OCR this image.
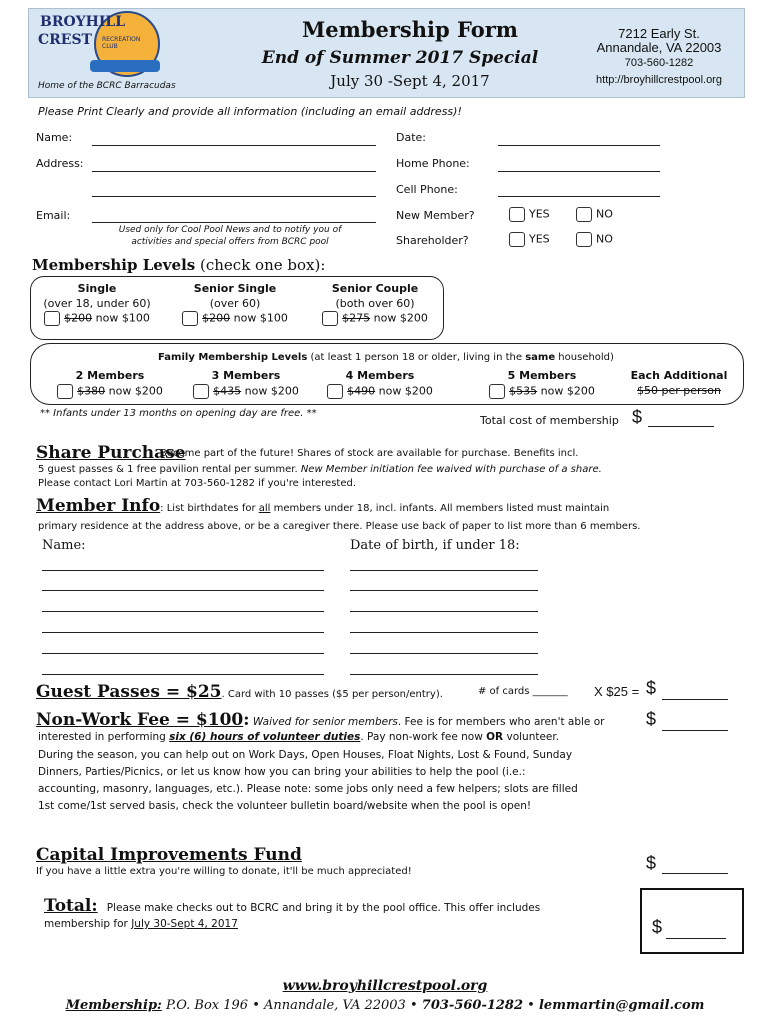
BROYHILL
CREST RECREATION CLUB
Home of the BCRC Barracudas
Membership Form
End of Summer 2017 Special
July 30 -Sept 4, 2017
7212 Early St.
Annandale, VA 22003
703-560-1282
http://broyhillcrestpool.org
Please Print Clearly and provide all information (including an email address)!
Name:
Address:
Email:
Used only for Cool Pool News and to notify you of
activities and special offers from BCRC pool
Date:
Home Phone:
Cell Phone:
New Member?	YES	NO
Shareholder?	YES	NO
Membership Levels (check one box):
Single
(over 18, under 60)
$200 now $100
Senior Single
(over 60)
$200 now $100
Senior Couple
(both over 60)
$275 now $200
Family Membership Levels (at least 1 person 18 or older, living in the same household)
2 Members
$380 now $200
3 Members
$435 now $200
4 Members
$490 now $200
5 Members
$535 now $200
Each Additional
$50 per person
** Infants under 13 months on opening day are free. **
Total cost of membership $
Share Purchase
Become part of the future! Shares of stock are available for purchase. Benefits incl.
5 guest passes & 1 free pavilion rental per summer. New Member initiation fee waived with purchase of a share.
Please contact Lori Martin at 703-560-1282 if you're interested.
Member Info: List birthdates for all members under 18, incl. infants. All members listed must maintain
primary residence at the address above, or be a caregiver there. Please use back of paper to list more than 6 members.
Name:	Date of birth, if under 18:
Guest Passes = $25. Card with 10 passes ($5 per person/entry).	# of cards _______ X $25 = $
Non-Work Fee = $100: Waived for senior members. Fee is for members who aren't able or
interested in performing six (6) hours of volunteer duties. Pay non-work fee now OR volunteer.
During the season, you can help out on Work Days, Open Houses, Float Nights, Lost & Found, Sunday
Dinners, Parties/Picnics, or let us know how you can bring your abilities to help the pool (i.e.:
accounting, masonry, languages, etc.). Please note: some jobs only need a few helpers; slots are filled
1st come/1st served basis, check the volunteer bulletin board/website when the pool is open!
$
Capital Improvements Fund
If you have a little extra you're willing to donate, it'll be much appreciated!	$
Total: Please make checks out to BCRC and bring it by the pool office. This offer includes
membership for July 30-Sept 4, 2017	$
www.broyhillcrestpool.org
Membership: P.O. Box 196 • Annandale, VA 22003 • 703-560-1282 • lemmartin@gmail.com
